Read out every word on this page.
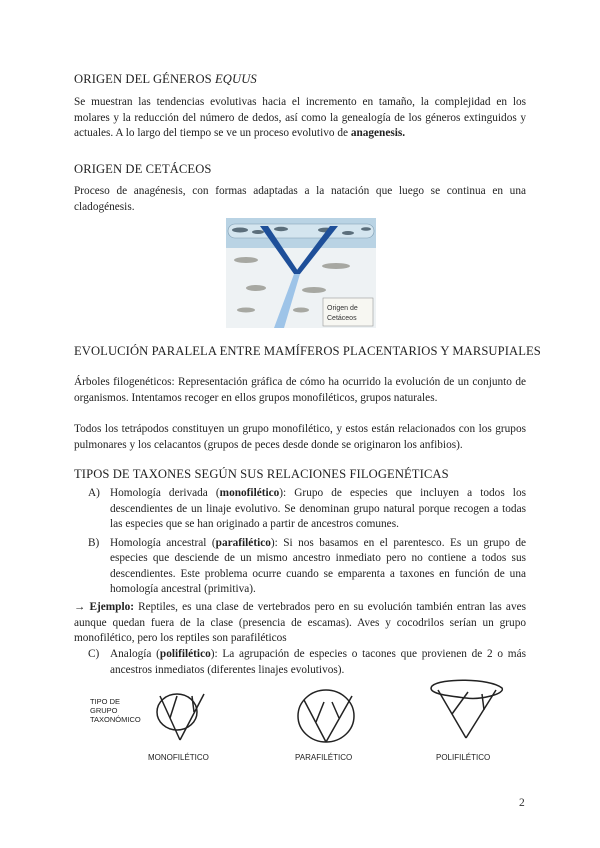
ORIGEN DEL GÉNEROS EQUUS

Se muestran las tendencias evolutivas hacia el incremento en tamaño, la complejidad en los molares y la reducción del número de dedos, así como la genealogía de los géneros extinguidos y actuales. A lo largo del tiempo se ve un proceso evolutivo de anagenesis.

ORIGEN DE CETÁCEOS

Proceso de anagénesis, con formas adaptadas a la natación que luego se continua en una cladogénesis.

Origen de
Cetáceos
EVOLUCIÓN PARALELA ENTRE MAMÍFEROS PLACENTARIOS Y MARSUPIALES

Árboles filogenéticos: Representación gráfica de cómo ha ocurrido la evolución de un conjunto de organismos. Intentamos recoger en ellos grupos monofiléticos, grupos naturales.

Todos los tetrápodos constituyen un grupo monofilético, y estos están relacionados con los grupos pulmonares y los celacantos (grupos de peces desde donde se originaron los anfibios).

TIPOS DE TAXONES SEGÚN SUS RELACIONES FILOGENÉTICAS
A) Homología derivada (monofilético): Grupo de especies que incluyen a todos los descendientes de un linaje evolutivo. Se denominan grupo natural porque recogen a todas las especies que se han originado a partir de ancestros comunes.
B) Homología ancestral (parafilético): Si nos basamos en el parentesco. Es un grupo de especies que desciende de un mismo ancestro inmediato pero no contiene a todos sus descendientes. Este problema ocurre cuando se emparenta a taxones en función de una homología ancestral (primitiva).

→ Ejemplo: Reptiles, es una clase de vertebrados pero en su evolución también entran las aves aunque quedan fuera de la clase (presencia de escamas). Aves y cocodrilos serían un grupo monofilético, pero los reptiles son parafiléticos

C) Analogía (polifilético): La agrupación de especies o tacones que provienen de 2 o más ancestros inmediatos (diferentes linajes evolutivos).
TIPO DE
GRUPO
TAXONÓMICO
MONOFILÉTICO	PARAFILÉTICO	POLIFILÉTICO
2
